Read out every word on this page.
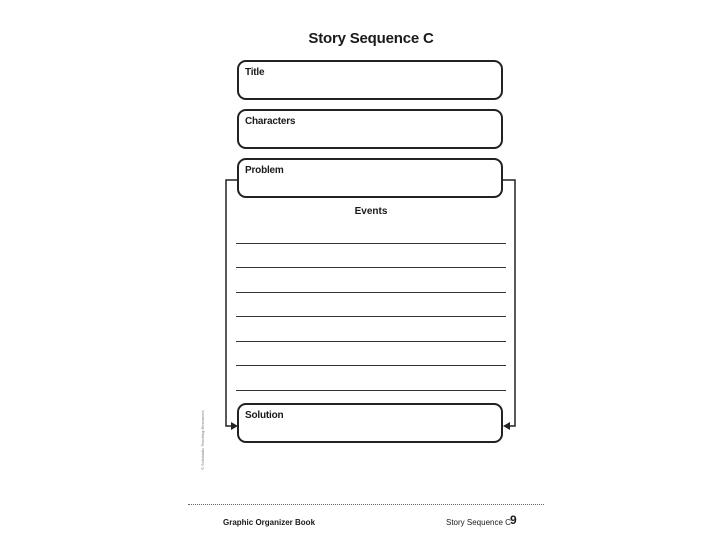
Story Sequence C
Title
Characters
Problem
Events
Solution
© Scholastic Teaching Resources
Graphic Organizer Book	Story Sequence C 9
